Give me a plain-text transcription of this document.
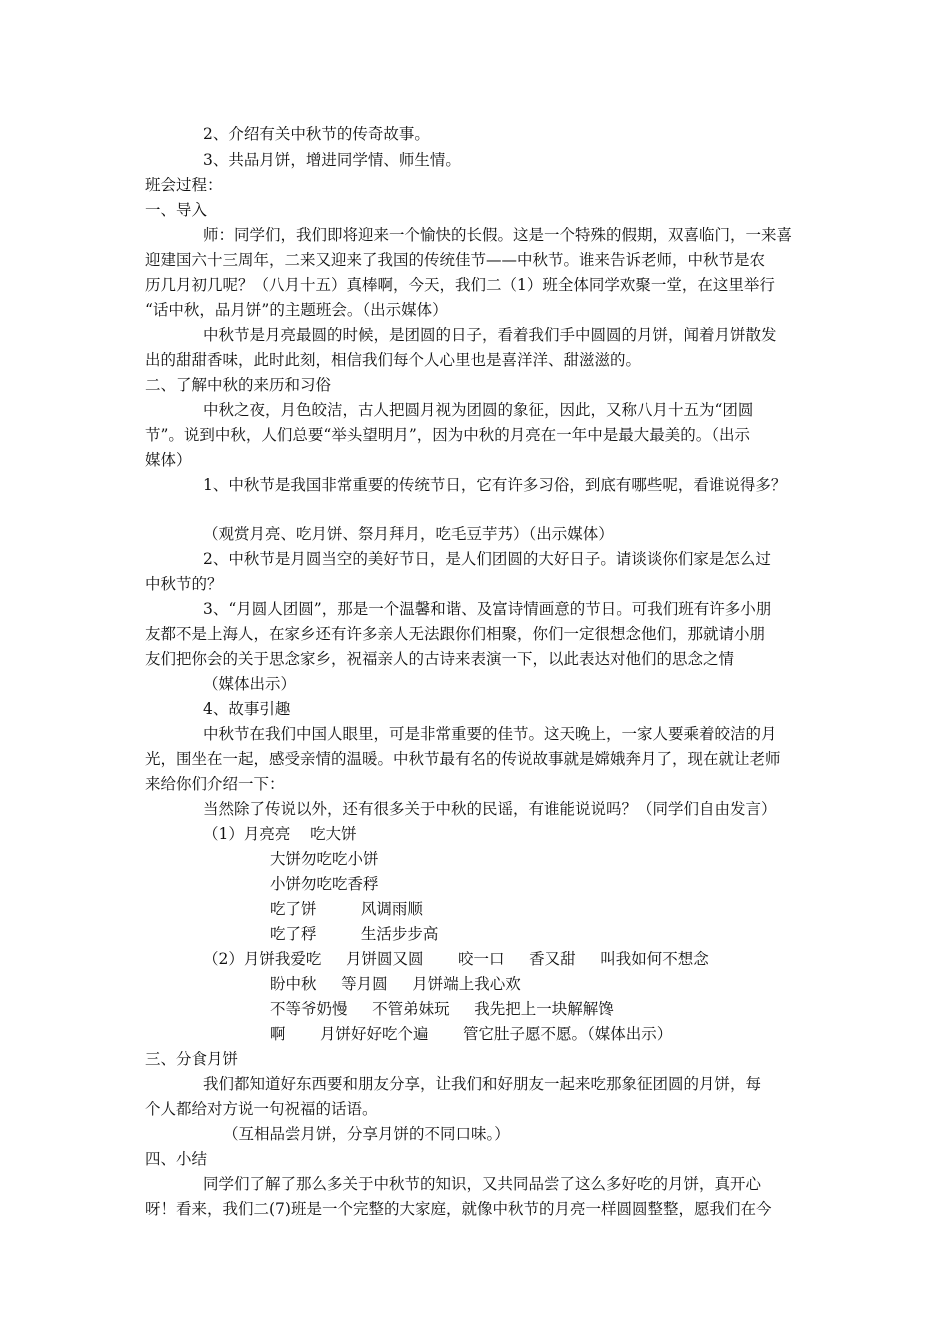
2、介绍有关中秋节的传奇故事。
3、共品月饼，增进同学情、师生情。
班会过程：
一、导入
师：同学们，我们即将迎来一个愉快的长假。这是一个特殊的假期，双喜临门，一来喜
迎建国六十三周年，二来又迎来了我国的传统佳节——中秋节。谁来告诉老师，中秋节是农
历几月初几呢？（八月十五）真棒啊，今天，我们二（1）班全体同学欢聚一堂，在这里举行
“话中秋，品月饼”的主题班会。（出示媒体）
中秋节是月亮最圆的时候，是团圆的日子，看着我们手中圆圆的月饼，闻着月饼散发
出的甜甜香味，此时此刻，相信我们每个人心里也是喜洋洋、甜滋滋的。
二、了解中秋的来历和习俗
中秋之夜，月色皎洁，古人把圆月视为团圆的象征，因此，又称八月十五为“团圆
节”。说到中秋，人们总要“举头望明月”，因为中秋的月亮在一年中是最大最美的。（出示
媒体）
1、中秋节是我国非常重要的传统节日，它有许多习俗，到底有哪些呢，看谁说得多？
（观赏月亮、吃月饼、祭月拜月，吃毛豆芋艿）（出示媒体）
2、中秋节是月圆当空的美好节日，是人们团圆的大好日子。请谈谈你们家是怎么过
中秋节的？
3、“月圆人团圆”，那是一个温馨和谐、及富诗情画意的节日。可我们班有许多小朋
友都不是上海人，在家乡还有许多亲人无法跟你们相聚，你们一定很想念他们，那就请小朋
友们把你会的关于思念家乡，祝福亲人的古诗来表演一下，以此表达对他们的思念之情
（媒体出示）
4、故事引趣
中秋节在我们中国人眼里，可是非常重要的佳节。这天晚上，一家人要乘着皎洁的月
光，围坐在一起，感受亲情的温暖。中秋节最有名的传说故事就是嫦娥奔月了，现在就让老师
来给你们介绍一下：
当然除了传说以外，还有很多关于中秋的民谣，有谁能说说吗？（同学们自由发言）
（1）月亮亮    吃大饼
大饼勿吃吃小饼
小饼勿吃吃香稃
吃了饼         风调雨顺
吃了稃         生活步步高
（2）月饼我爱吃     月饼圆又圆       咬一口     香又甜     叫我如何不想念
盼中秋     等月圆     月饼端上我心欢
不等爷奶慢     不管弟妹玩     我先把上一块解解馋
啊       月饼好好吃个遍       管它肚子愿不愿。（媒体出示）
三、分食月饼
我们都知道好东西要和朋友分享，让我们和好朋友一起来吃那象征团圆的月饼，每
个人都给对方说一句祝福的话语。
（互相品尝月饼，分享月饼的不同口味。）
四、小结
同学们了解了那么多关于中秋节的知识，又共同品尝了这么多好吃的月饼，真开心
呀！看来，我们二(7)班是一个完整的大家庭，就像中秋节的月亮一样圆圆整整，愿我们在今
